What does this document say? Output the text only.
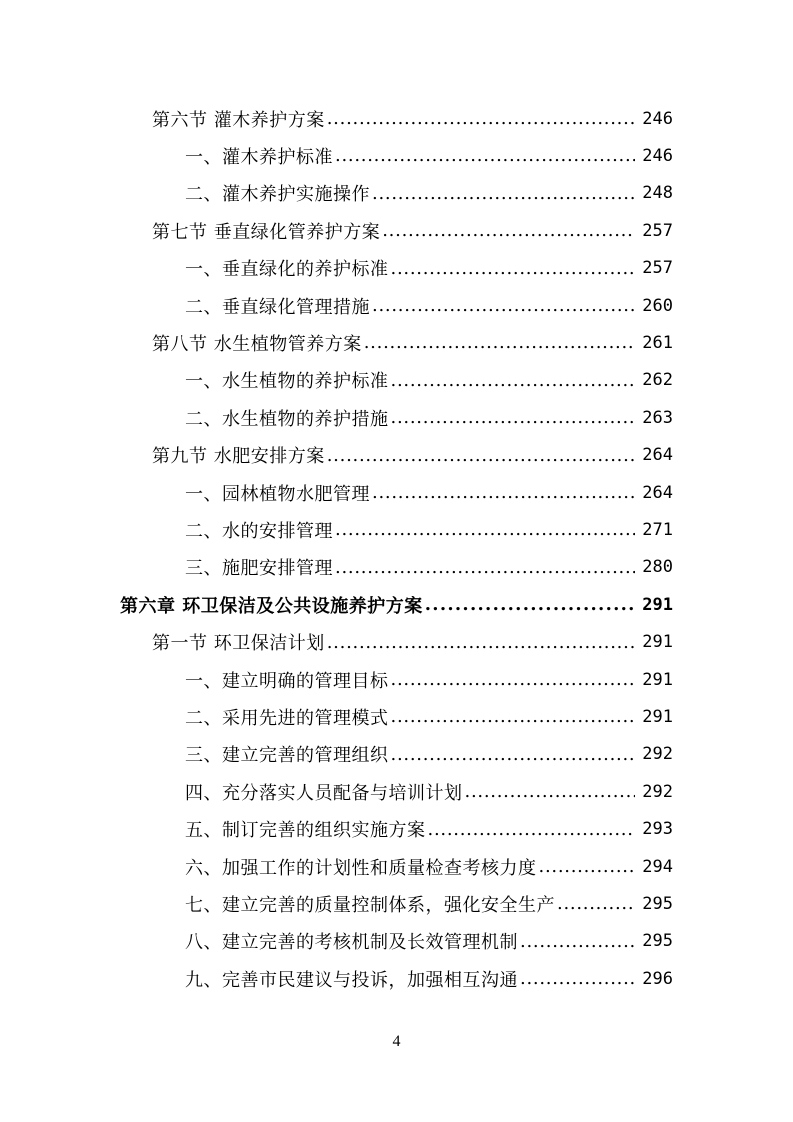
第六节 灌木养护方案 . . .	246
一、灌木养护标准 . . .	246
二、灌木养护实施操作 . . .	248
第七节 垂直绿化管养护方案 . . .	257
一、垂直绿化的养护标准 . . .	257
二、垂直绿化管理措施 . . .	260
第八节 水生植物管养方案 . . .	261
一、水生植物的养护标准 . . .	262
二、水生植物的养护措施 . . .	263
第九节 水肥安排方案 . . .	264
一、园林植物水肥管理 . . .	264
二、水的安排管理 . . .	271
三、施肥安排管理 . . .	280
第六章 环卫保洁及公共设施养护方案 . . .	291
第一节 环卫保洁计划 . . .	291
一、建立明确的管理目标 . . .	291
二、采用先进的管理模式 . . .	291
三、建立完善的管理组织 . . .	292
四、充分落实人员配备与培训计划 . . .	292
五、制订完善的组织实施方案 . . .	293
六、加强工作的计划性和质量检查考核力度 . . .	294
七、建立完善的质量控制体系，强化安全生产 . . .	295
八、建立完善的考核机制及长效管理机制 . . .	295
九、完善市民建议与投诉，加强相互沟通 . . .	296
4
